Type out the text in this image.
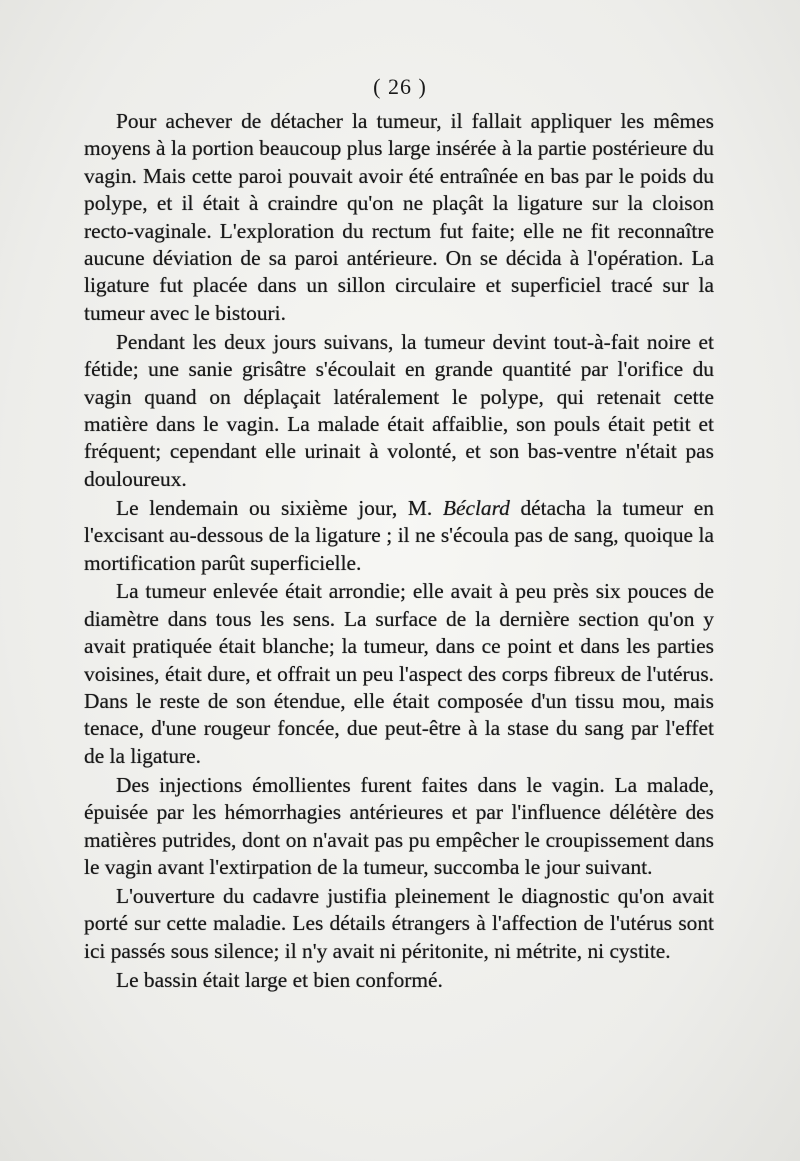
( 26 )

Pour achever de détacher la tumeur, il fallait appliquer les mêmes moyens à la portion beaucoup plus large insérée à la partie postérieure du vagin. Mais cette paroi pouvait avoir été entraînée en bas par le poids du polype, et il était à craindre qu'on ne plaçât la ligature sur la cloison recto-vaginale. L'exploration du rectum fut faite; elle ne fit reconnaître aucune déviation de sa paroi antérieure. On se décida à l'opération. La ligature fut placée dans un sillon circulaire et superficiel tracé sur la tumeur avec le bistouri.

Pendant les deux jours suivans, la tumeur devint tout-à-fait noire et fétide; une sanie grisâtre s'écoulait en grande quantité par l'orifice du vagin quand on déplaçait latéralement le polype, qui retenait cette matière dans le vagin. La malade était affaiblie, son pouls était petit et fréquent; cependant elle urinait à volonté, et son bas-ventre n'était pas douloureux.

Le lendemain ou sixième jour, M. Béclard détacha la tumeur en l'excisant au-dessous de la ligature ; il ne s'écoula pas de sang, quoique la mortification parût superficielle.

La tumeur enlevée était arrondie; elle avait à peu près six pouces de diamètre dans tous les sens. La surface de la dernière section qu'on y avait pratiquée était blanche; la tumeur, dans ce point et dans les parties voisines, était dure, et offrait un peu l'aspect des corps fibreux de l'utérus. Dans le reste de son étendue, elle était composée d'un tissu mou, mais tenace, d'une rougeur foncée, due peut-être à la stase du sang par l'effet de la ligature.

Des injections émollientes furent faites dans le vagin. La malade, épuisée par les hémorrhagies antérieures et par l'influence délétère des matières putrides, dont on n'avait pas pu empêcher le croupissement dans le vagin avant l'extirpation de la tumeur, succomba le jour suivant.

L'ouverture du cadavre justifia pleinement le diagnostic qu'on avait porté sur cette maladie. Les détails étrangers à l'affection de l'utérus sont ici passés sous silence; il n'y avait ni péritonite, ni métrite, ni cystite.

Le bassin était large et bien conformé.
